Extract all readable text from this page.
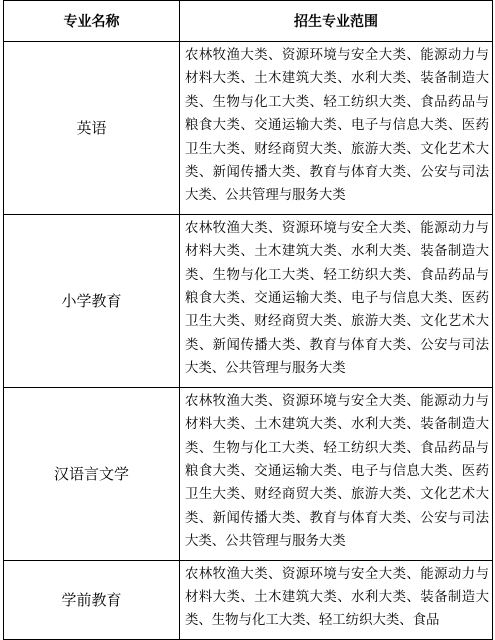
专业名称	招生专业范围
英语	农林牧渔大类、资源环境与安全大类、能源动力与材料大类、土木建筑大类、水利大类、装备制造大类、生物与化工大类、轻工纺织大类、食品药品与粮食大类、交通运输大类、电子与信息大类、医药卫生大类、财经商贸大类、旅游大类、文化艺术大类、新闻传播大类、教育与体育大类、公安与司法大类、公共管理与服务大类
小学教育	农林牧渔大类、资源环境与安全大类、能源动力与材料大类、土木建筑大类、水利大类、装备制造大类、生物与化工大类、轻工纺织大类、食品药品与粮食大类、交通运输大类、电子与信息大类、医药卫生大类、财经商贸大类、旅游大类、文化艺术大类、新闻传播大类、教育与体育大类、公安与司法大类、公共管理与服务大类
汉语言文学	农林牧渔大类、资源环境与安全大类、能源动力与材料大类、土木建筑大类、水利大类、装备制造大类、生物与化工大类、轻工纺织大类、食品药品与粮食大类、交通运输大类、电子与信息大类、医药卫生大类、财经商贸大类、旅游大类、文化艺术大类、新闻传播大类、教育与体育大类、公安与司法大类、公共管理与服务大类
学前教育	农林牧渔大类、资源环境与安全大类、能源动力与材料大类、土木建筑大类、水利大类、装备制造大类、生物与化工大类、轻工纺织大类、食品
